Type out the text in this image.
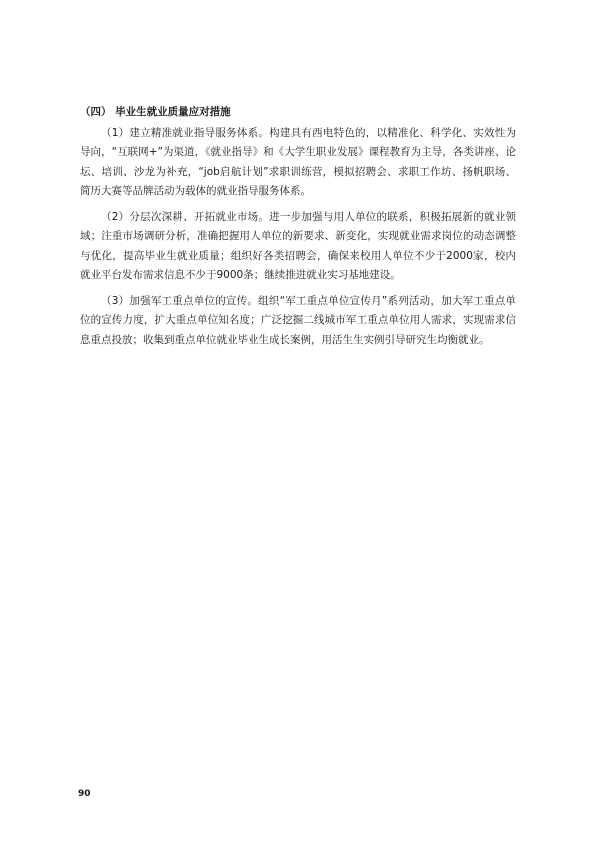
（四） 毕业生就业质量应对措施

（1）建立精准就业指导服务体系。构建具有西电特色的，以精准化、科学化、实效性为导向，“互联网+”为渠道，《就业指导》和《大学生职业发展》课程教育为主导，各类讲座、论坛、培训、沙龙为补充，“job启航计划”求职训练营，模拟招聘会、求职工作坊、扬帆职场、简历大赛等品牌活动为载体的就业指导服务体系。

（2）分层次深耕、开拓就业市场。进一步加强与用人单位的联系，积极拓展新的就业领域；注重市场调研分析，准确把握用人单位的新要求、新变化，实现就业需求岗位的动态调整与优化，提高毕业生就业质量；组织好各类招聘会，确保来校用人单位不少于2000家，校内就业平台发布需求信息不少于9000条；继续推进就业实习基地建设。

（3）加强军工重点单位的宣传。组织“军工重点单位宣传月”系列活动，加大军工重点单位的宣传力度，扩大重点单位知名度；广泛挖掘二线城市军工重点单位用人需求，实现需求信息重点投放；收集到重点单位就业毕业生成长案例，用活生生实例引导研究生均衡就业。

90
